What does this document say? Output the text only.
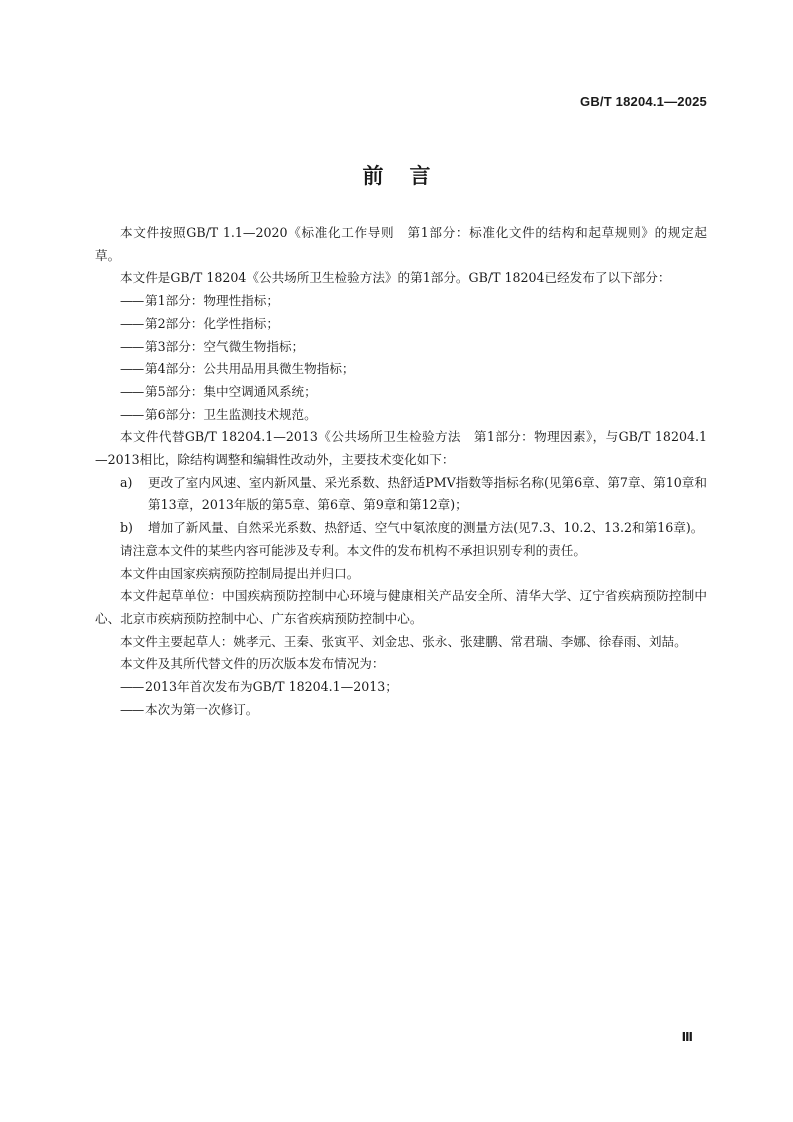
GB/T 18204.1—2025
前言

本文件按照GB/T 1.1—2020《标准化工作导则　第1部分：标准化文件的结构和起草规则》的规定起草。

本文件是GB/T 18204《公共场所卫生检验方法》的第1部分。GB/T 18204已经发布了以下部分：

—— 第1部分：物理性指标；

—— 第2部分：化学性指标；

—— 第3部分：空气微生物指标；

—— 第4部分：公共用品用具微生物指标；

—— 第5部分：集中空调通风系统；

—— 第6部分：卫生监测技术规范。

本文件代替GB/T 18204.1—2013《公共场所卫生检验方法　第1部分：物理因素》，与GB/T 18204.1—2013相比，除结构调整和编辑性改动外，主要技术变化如下：

a)	更改了室内风速、室内新风量、采光系数、热舒适PMV指数等指标名称(见第6章、第7章、第10章和第13章，2013年版的第5章、第6章、第9章和第12章)；
b)	增加了新风量、自然采光系数、热舒适、空气中氡浓度的测量方法(见7.3、10.2、13.2和第16章)。

请注意本文件的某些内容可能涉及专利。本文件的发布机构不承担识别专利的责任。

本文件由国家疾病预防控制局提出并归口。

本文件起草单位：中国疾病预防控制中心环境与健康相关产品安全所、清华大学、辽宁省疾病预防控制中心、北京市疾病预防控制中心、广东省疾病预防控制中心。

本文件主要起草人：姚孝元、王秦、张寅平、刘金忠、张永、张建鹏、常君瑞、李娜、徐春雨、刘喆。

本文件及其所代替文件的历次版本发布情况为：

—— 2013年首次发布为GB/T 18204.1—2013；

—— 本次为第一次修订。

Ⅲ
